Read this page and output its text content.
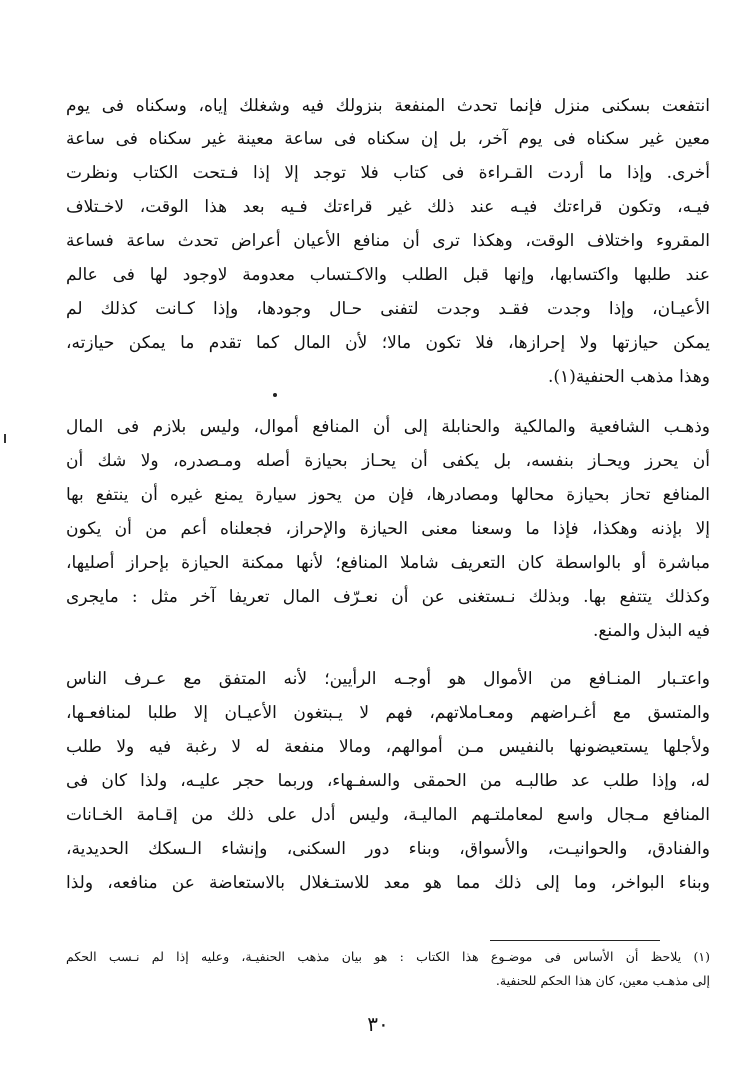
انتفعت بسكنى منزل فإنما تحدث المنفعة بنزولك فيه وشغلك إياه، وسكناه فى يوم
معين غير سكناه فى يوم آخر، بل إن سكناه فى ساعة معينة غير سكناه فى ساعة
أخرى. وإذا ما أردت القـراءة فى كتاب فلا توجد إلا إذا فـتحت الكتاب ونظرت
فيـه، وتكون قراءتك فيـه عند ذلك غير قراءتك فـيه بعد هذا الوقت، لاخـتلاف
المقروء واختلاف الوقت، وهكذا ترى أن منافع الأعيان أعراض تحدث ساعة فساعة
عند طلبها واكتسابها، وإنها قبل الطلب والاكـتساب معدومة لاوجود لها فى عالم
الأعيـان، وإذا وجدت فقـد وجدت لتفنى حـال وجودها، وإذا كـانت كذلك لم
يمكن حيازتها ولا إحرازها، فلا تكون مالا؛ لأن المال كما تقدم ما يمكن حيازته،
وهذا مذهب الحنفية(١).
وذهـب الشافعية والمالكية والحنابلة إلى أن المنافع أموال، وليس بلازم فى المال
أن يحرز ويحـاز بنفسه، بل يكفى أن يحـاز بحيازة أصله ومـصدره، ولا شك أن
المنافع تحاز بحيازة محالها ومصادرها، فإن من يحوز سيارة يمنع غيره أن ينتفع بها
إلا بإذنه وهكذا، فإذا ما وسعنا معنى الحيازة والإحراز، فجعلناه أعم من أن يكون
مباشرة أو بالواسطة كان التعريف شاملا المنافع؛ لأنها ممكنة الحيازة بإحراز أصليها،
وكذلك يتتفع بها. وبذلك نـستغنى عن أن نعـرّف المال تعريفا آخر مثل : مايجرى
فيه البذل والمنع.
واعتـبار المنـافع من الأموال هو أوجـه الرأيين؛ لأنه المتفق مع عـرف الناس
والمتسق مع أغـراضهم ومعـاملاتهم، فهم لا يـبتغون الأعيـان إلا طلبا لمنافعـها،
ولأجلها يستعيضونها بالنفيس مـن أموالهم، ومالا منفعة له لا رغبة فيه ولا طلب
له، وإذا طلب عد طالبـه من الحمقى والسفـهاء، وربما حجر عليـه، ولذا كان فى
المنافع مـجال واسع لمعاملتـهم الماليـة، وليس أدل على ذلك من إقـامة الخـانات
والفنادق، والحوانيـت، والأسواق، وبناء دور السكنى، وإنشاء الـسكك الحديدية،
وبناء البواخر، وما إلى ذلك مما هو معد للاستـغلال بالاستعاضة عن منافعه، ولذا
(١) يلاحظ أن الأساس فى موضـوع هذا الكتاب : هو بيان مذهب الحنفيـة، وعليه إذا لم نـسب الحكم
إلى مذهـب معين، كان هذا الحكم للحنفية.
٣٠
